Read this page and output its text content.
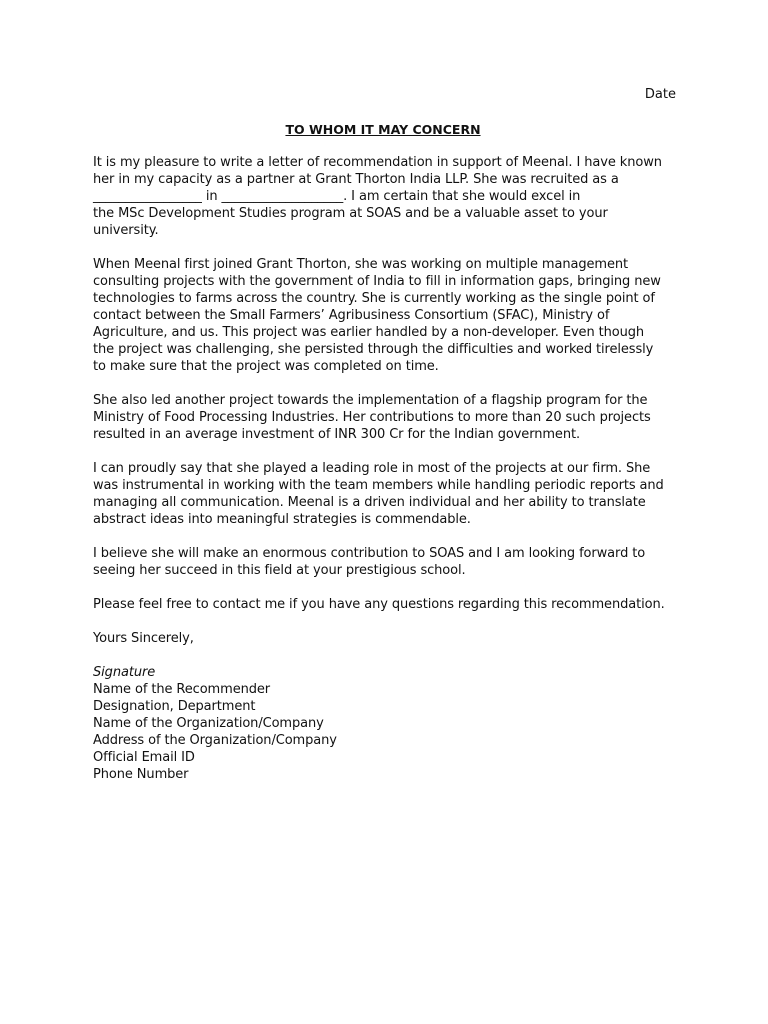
Date
TO WHOM IT MAY CONCERN

It is my pleasure to write a letter of recommendation in support of Meenal. I have known
her in my capacity as a partner at Grant Thorton India LLP. She was recruited as a
_________________ in ___________________. I am certain that she would excel in
the MSc Development Studies program at SOAS and be a valuable asset to your
university.

When Meenal first joined Grant Thorton, she was working on multiple management
consulting projects with the government of India to fill in information gaps, bringing new
technologies to farms across the country. She is currently working as the single point of
contact between the Small Farmers’ Agribusiness Consortium (SFAC), Ministry of
Agriculture, and us. This project was earlier handled by a non-developer. Even though
the project was challenging, she persisted through the difficulties and worked tirelessly
to make sure that the project was completed on time.

She also led another project towards the implementation of a flagship program for the
Ministry of Food Processing Industries. Her contributions to more than 20 such projects
resulted in an average investment of INR 300 Cr for the Indian government.

I can proudly say that she played a leading role in most of the projects at our firm. She
was instrumental in working with the team members while handling periodic reports and
managing all communication. Meenal is a driven individual and her ability to translate
abstract ideas into meaningful strategies is commendable.

I believe she will make an enormous contribution to SOAS and I am looking forward to
seeing her succeed in this field at your prestigious school.

Please feel free to contact me if you have any questions regarding this recommendation.

Yours Sincerely,

Signature
Name of the Recommender
Designation, Department
Name of the Organization/Company
Address of the Organization/Company
Official Email ID
Phone Number
